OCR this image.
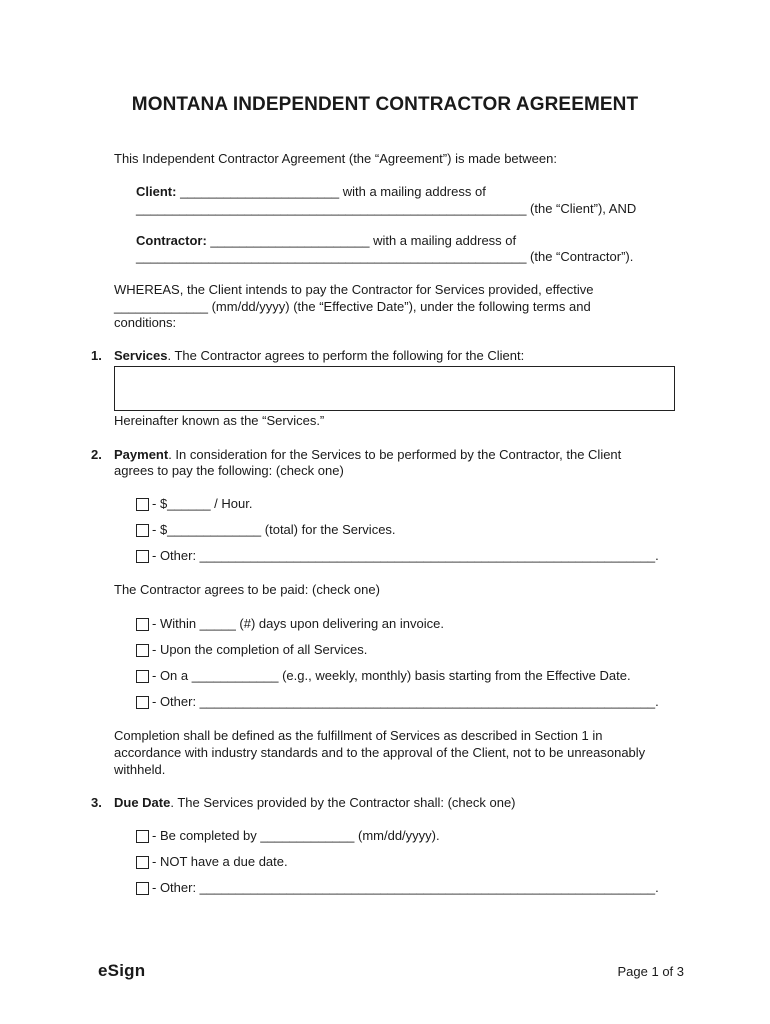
MONTANA INDEPENDENT CONTRACTOR AGREEMENT
This Independent Contractor Agreement (the “Agreement”) is made between:
Client: ______________________ with a mailing address of
______________________________________________________ (the “Client”), AND
Contractor: ______________________ with a mailing address of
______________________________________________________ (the “Contractor”).
WHEREAS, the Client intends to pay the Contractor for Services provided, effective
_____________ (mm/dd/yyyy) (the “Effective Date”), under the following terms and
conditions:
1. Services. The Contractor agrees to perform the following for the Client:
Hereinafter known as the “Services.”
2. Payment. In consideration for the Services to be performed by the Contractor, the Client
agrees to pay the following: (check one)
- $______ / Hour.
- $_____________ (total) for the Services.
- Other: _______________________________________________________________.
The Contractor agrees to be paid: (check one)
- Within _____ (#) days upon delivering an invoice.
- Upon the completion of all Services.
- On a ____________ (e.g., weekly, monthly) basis starting from the Effective Date.
- Other: _______________________________________________________________.
Completion shall be defined as the fulfillment of Services as described in Section 1 in
accordance with industry standards and to the approval of the Client, not to be unreasonably
withheld.
3. Due Date. The Services provided by the Contractor shall: (check one)
- Be completed by _____________ (mm/dd/yyyy).
- NOT have a due date.
- Other: _______________________________________________________________.
eSign	Page 1 of 3
